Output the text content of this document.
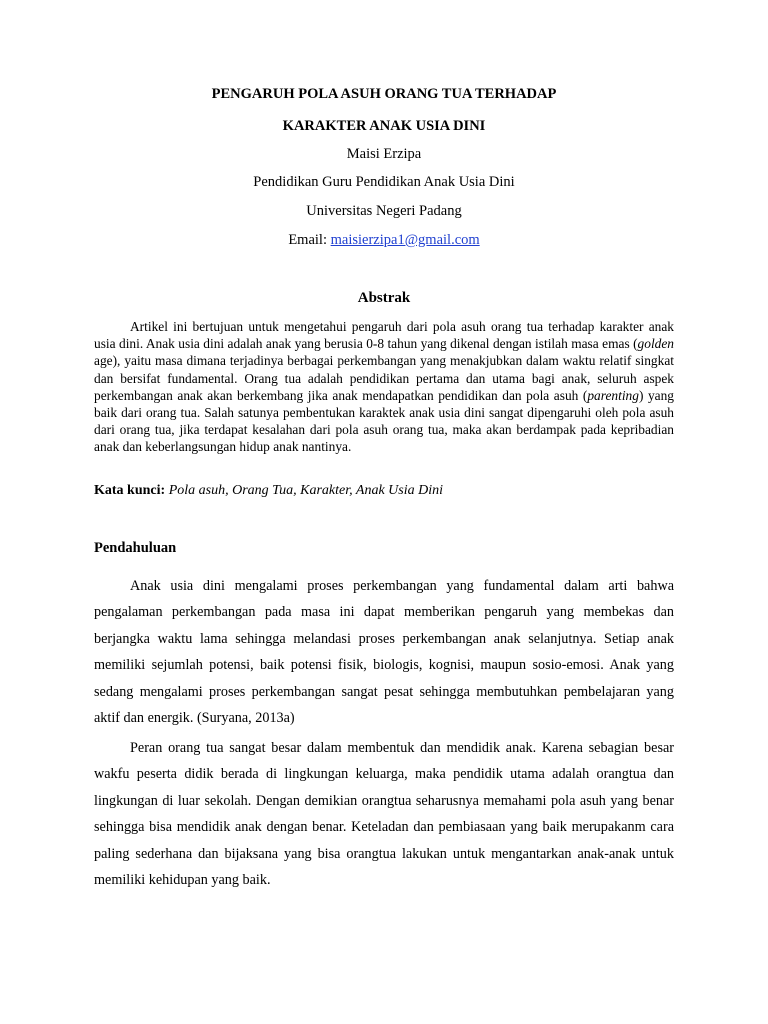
PENGARUH POLA ASUH ORANG TUA TERHADAP
KARAKTER ANAK USIA DINI
Maisi Erzipa
Pendidikan Guru Pendidikan Anak Usia Dini
Universitas Negeri Padang
Email: maisierzipa1@gmail.com
Abstrak

Artikel ini bertujuan untuk mengetahui pengaruh dari pola asuh orang tua terhadap karakter anak usia dini. Anak usia dini adalah anak yang berusia 0-8 tahun yang dikenal dengan istilah masa emas (golden age), yaitu masa dimana terjadinya berbagai perkembangan yang menakjubkan dalam waktu relatif singkat dan bersifat fundamental. Orang tua adalah pendidikan pertama dan utama bagi anak, seluruh aspek perkembangan anak akan berkembang jika anak mendapatkan pendidikan dan pola asuh (parenting) yang baik dari orang tua. Salah satunya pembentukan karaktek anak usia dini sangat dipengaruhi oleh pola asuh dari orang tua, jika terdapat kesalahan dari pola asuh orang tua, maka akan berdampak pada kepribadian anak dan keberlangsungan hidup anak nantinya.

Kata kunci: Pola asuh, Orang Tua, Karakter, Anak Usia Dini

Pendahuluan

Anak usia dini mengalami proses perkembangan yang fundamental dalam arti bahwa pengalaman perkembangan pada masa ini dapat memberikan pengaruh yang membekas dan berjangka waktu lama sehingga melandasi proses perkembangan anak selanjutnya. Setiap anak memiliki sejumlah potensi, baik potensi fisik, biologis, kognisi, maupun sosio-emosi. Anak yang sedang mengalami proses perkembangan sangat pesat sehingga membutuhkan pembelajaran yang aktif dan energik. (Suryana, 2013a)

Peran orang tua sangat besar dalam membentuk dan mendidik anak. Karena sebagian besar wakfu peserta didik berada di lingkungan keluarga, maka pendidik utama adalah orangtua dan lingkungan di luar sekolah. Dengan demikian orangtua seharusnya memahami pola asuh yang benar sehingga bisa mendidik anak dengan benar. Keteladan dan pembiasaan yang baik merupakanm cara paling sederhana dan bijaksana yang bisa orangtua lakukan untuk mengantarkan anak-anak untuk memiliki kehidupan yang baik.
